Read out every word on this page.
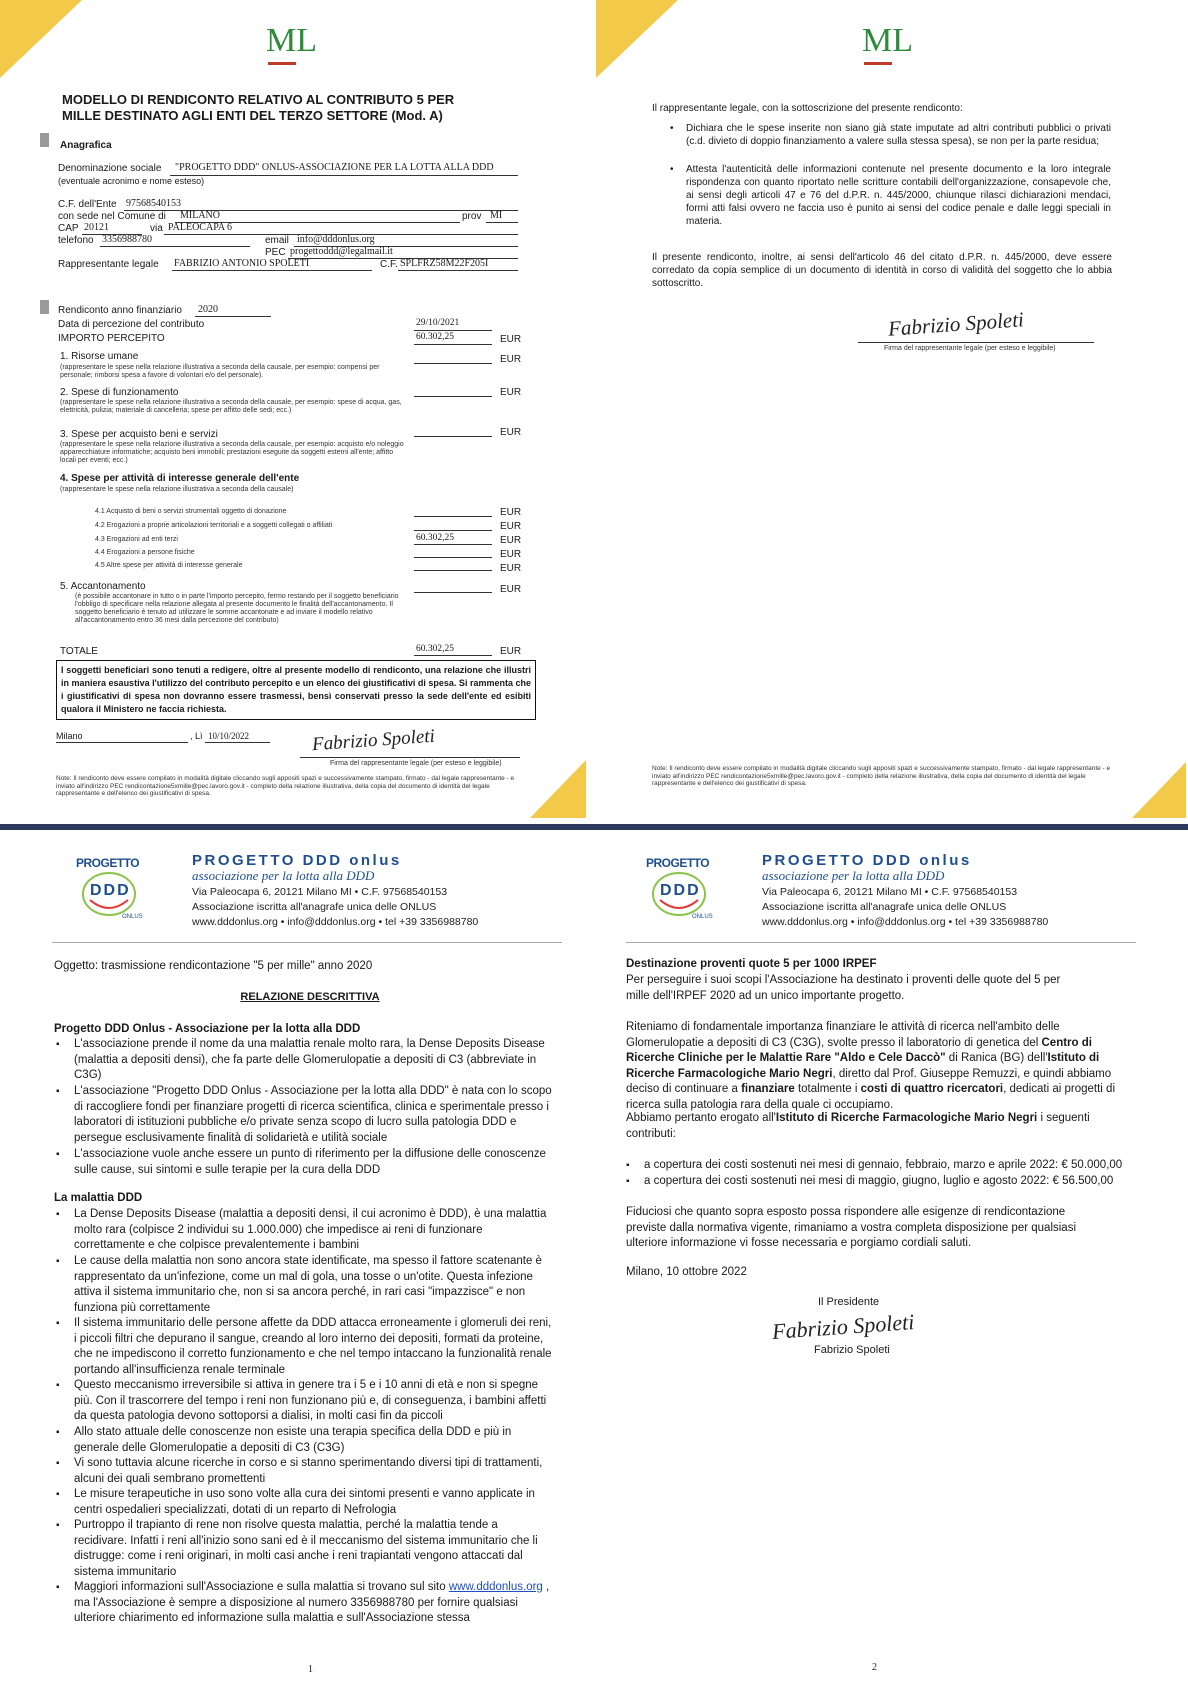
ML
MODELLO DI RENDICONTO RELATIVO AL CONTRIBUTO 5 PER
MILLE DESTINATO AGLI ENTI DEL TERZO SETTORE (Mod. A)
Anagrafica
Denominazione sociale "PROGETTO DDD" ONLUS-ASSOCIAZIONE PER LA LOTTA ALLA DDD
(eventuale acronimo e nome esteso)
C.F. dell'Ente 97568540153
con sede nel Comune di MILANO	prov MI
CAP 20121	via PALEOCAPA 6
telefono 3356988780	email info@dddonlus.org
PEC progettoddd@legalmail.it
Rappresentante legale FABRIZIO ANTONIO SPOLETI	C.F. SPLFRZ58M22F205I
Rendiconto anno finanziario 2020
Data di percezione del contributo	29/10/2021
IMPORTO PERCEPITO	60.302,25	EUR
1. Risorse umane
(rappresentare le spese nella relazione illustrativa a seconda della causale, per esempio: compensi per personale; rimborsi spesa a favore di volontari e/o del personale).
EUR
2. Spese di funzionamento
(rappresentare le spese nella relazione illustrativa a seconda della causale, per esempio: spese di acqua, gas, elettricità, pulizia; materiale di cancelleria; spese per affitto delle sedi; ecc.)
EUR
3. Spese per acquisto beni e servizi
(rappresentare le spese nella relazione illustrativa a seconda della causale, per esempio: acquisto e/o noleggio apparecchiature informatiche; acquisto beni immobili; prestazioni eseguite da soggetti esterni all'ente; affitto locali per eventi; ecc.)
EUR
4. Spese per attività di interesse generale dell'ente
(rappresentare le spese nella relazione illustrativa a seconda della causale)
4.1 Acquisto di beni o servizi strumentali oggetto di donazione	EUR
4.2 Erogazioni a proprie articolazioni territoriali e a soggetti collegati o affiliati	EUR
4.3 Erogazioni ad enti terzi	60.302,25	EUR
4.4 Erogazioni a persone fisiche	EUR
4.5 Altre spese per attività di interesse generale	EUR
5. Accantonamento
(è possibile accantonare in tutto o in parte l'importo percepito, fermo restando per il soggetto beneficiario l'obbligo di specificare nella relazione allegata al presente documento le finalità dell'accantonamento. Il soggetto beneficiario è tenuto ad utilizzare le somme accantonate e ad inviare il modello relativo all'accantonamento entro 36 mesi dalla percezione del contributo)
EUR
TOTALE	60.302,25	EUR
I soggetti beneficiari sono tenuti a redigere, oltre al presente modello di rendiconto, una relazione che illustri in maniera esaustiva l'utilizzo del contributo percepito e un elenco dei giustificativi di spesa. Si rammenta che i giustificativi di spesa non dovranno essere trasmessi, bensì conservati presso la sede dell'ente ed esibiti qualora il Ministero ne faccia richiesta.
Milano	, Lì 10/10/2022	Fabrizio Spoleti
Firma del rappresentante legale (per esteso e leggibile)
Note: Il rendiconto deve essere compilato in modalità digitale cliccando sugli appositi spazi e successivamente stampato, firmato - dal legale rappresentante - e inviato all'indirizzo PEC rendicontazione5xmille@pec.lavoro.gov.it - completo della relazione illustrativa, della copia del documento di identità del legale rappresentante e dell'elenco dei giustificativi di spesa.
ML
Il rappresentante legale, con la sottoscrizione del presente rendiconto:
• Dichiara che le spese inserite non siano già state imputate ad altri contributi pubblici o privati (c.d. divieto di doppio finanziamento a valere sulla stessa spesa), se non per la parte residua;
• Attesta l'autenticità delle informazioni contenute nel presente documento e la loro integrale rispondenza con quanto riportato nelle scritture contabili dell'organizzazione, consapevole che, ai sensi degli articoli 47 e 76 del d.P.R. n. 445/2000, chiunque rilasci dichiarazioni mendaci, formi atti falsi ovvero ne faccia uso è punito ai sensi del codice penale e dalle leggi speciali in materia.
Il presente rendiconto, inoltre, ai sensi dell'articolo 46 del citato d.P.R. n. 445/2000, deve essere corredato da copia semplice di un documento di identità in corso di validità del soggetto che lo abbia sottoscritto.
Fabrizio Spoleti
Firma del rappresentante legale (per esteso e leggibile)
Note: Il rendiconto deve essere compilato in modalità digitale cliccando sugli appositi spazi e successivamente stampato, firmato - dal legale rappresentante - e inviato all'indirizzo PEC rendicontazione5xmille@pec.lavoro.gov.it - completo della relazione illustrativa, della copia del documento di identità del legale rappresentante e dell'elenco dei giustificativi di spesa.
PROGETTO
DDD
ONLUS
PROGETTO DDD onlus
associazione per la lotta alla DDD
Via Paleocapa 6, 20121 Milano MI • C.F. 97568540153
Associazione iscritta all'anagrafe unica delle ONLUS
www.dddonlus.org • info@dddonlus.org • tel +39 3356988780
Oggetto: trasmissione rendicontazione "5 per mille" anno 2020
RELAZIONE DESCRITTIVA
Progetto DDD Onlus - Associazione per la lotta alla DDD
▪ L'associazione prende il nome da una malattia renale molto rara, la Dense Deposits Disease (malattia a depositi densi), che fa parte delle Glomerulopatie a depositi di C3 (abbreviate in C3G)
▪ L'associazione "Progetto DDD Onlus - Associazione per la lotta alla DDD" è nata con lo scopo di raccogliere fondi per finanziare progetti di ricerca scientifica, clinica e sperimentale presso i laboratori di istituzioni pubbliche e/o private senza scopo di lucro sulla patologia DDD e persegue esclusivamente finalità di solidarietà e utilità sociale
▪ L'associazione vuole anche essere un punto di riferimento per la diffusione delle conoscenze sulle cause, sui sintomi e sulle terapie per la cura della DDD
La malattia DDD
▪ La Dense Deposits Disease (malattia a depositi densi, il cui acronimo è DDD), è una malattia molto rara (colpisce 2 individui su 1.000.000) che impedisce ai reni di funzionare correttamente e che colpisce prevalentemente i bambini
▪ Le cause della malattia non sono ancora state identificate, ma spesso il fattore scatenante è rappresentato da un'infezione, come un mal di gola, una tosse o un'otite. Questa infezione attiva il sistema immunitario che, non si sa ancora perché, in rari casi "impazzisce" e non funziona più correttamente
▪ Il sistema immunitario delle persone affette da DDD attacca erroneamente i glomeruli dei reni, i piccoli filtri che depurano il sangue, creando al loro interno dei depositi, formati da proteine, che ne impediscono il corretto funzionamento e che nel tempo intaccano la funzionalità renale portando all'insufficienza renale terminale
▪ Questo meccanismo irreversibile si attiva in genere tra i 5 e i 10 anni di età e non si spegne più. Con il trascorrere del tempo i reni non funzionano più e, di conseguenza, i bambini affetti da questa patologia devono sottoporsi a dialisi, in molti casi fin da piccoli
▪ Allo stato attuale delle conoscenze non esiste una terapia specifica della DDD e più in generale delle Glomerulopatie a depositi di C3 (C3G)
▪ Vi sono tuttavia alcune ricerche in corso e si stanno sperimentando diversi tipi di trattamenti, alcuni dei quali sembrano promettenti
▪ Le misure terapeutiche in uso sono volte alla cura dei sintomi presenti e vanno applicate in centri ospedalieri specializzati, dotati di un reparto di Nefrologia
▪ Purtroppo il trapianto di rene non risolve questa malattia, perché la malattia tende a recidivare. Infatti i reni all'inizio sono sani ed è il meccanismo del sistema immunitario che li distrugge: come i reni originari, in molti casi anche i reni trapiantati vengono attaccati dal sistema immunitario
▪ Maggiori informazioni sull'Associazione e sulla malattia si trovano sul sito www.dddonlus.org , ma l'Associazione è sempre a disposizione al numero 3356988780 per fornire qualsiasi ulteriore chiarimento ed informazione sulla malattia e sull'Associazione stessa
1
PROGETTO
DDD
ONLUS
PROGETTO DDD onlus
associazione per la lotta alla DDD
Via Paleocapa 6, 20121 Milano MI • C.F. 97568540153
Associazione iscritta all'anagrafe unica delle ONLUS
www.dddonlus.org • info@dddonlus.org • tel +39 3356988780
Destinazione proventi quote 5 per 1000 IRPEF
Per perseguire i suoi scopi l'Associazione ha destinato i proventi delle quote del 5 per mille dell'IRPEF 2020 ad un unico importante progetto.
Riteniamo di fondamentale importanza finanziare le attività di ricerca nell'ambito delle Glomerulopatie a depositi di C3 (C3G), svolte presso il laboratorio di genetica del Centro di Ricerche Cliniche per le Malattie Rare "Aldo e Cele Daccò" di Ranica (BG) dell'Istituto di Ricerche Farmacologiche Mario Negri, diretto dal Prof. Giuseppe Remuzzi, e quindi abbiamo deciso di continuare a finanziare totalmente i costi di quattro ricercatori, dedicati ai progetti di ricerca sulla patologia rara della quale ci occupiamo.
Abbiamo pertanto erogato all'Istituto di Ricerche Farmacologiche Mario Negri i seguenti contributi:
▪ a copertura dei costi sostenuti nei mesi di gennaio, febbraio, marzo e aprile 2022: € 50.000,00
▪ a copertura dei costi sostenuti nei mesi di maggio, giugno, luglio e agosto 2022: € 56.500,00
Fiduciosi che quanto sopra esposto possa rispondere alle esigenze di rendicontazione previste dalla normativa vigente, rimaniamo a vostra completa disposizione per qualsiasi ulteriore informazione vi fosse necessaria e porgiamo cordiali saluti.
Milano, 10 ottobre 2022
Il Presidente
Fabrizio Spoleti
Fabrizio Spoleti
2
